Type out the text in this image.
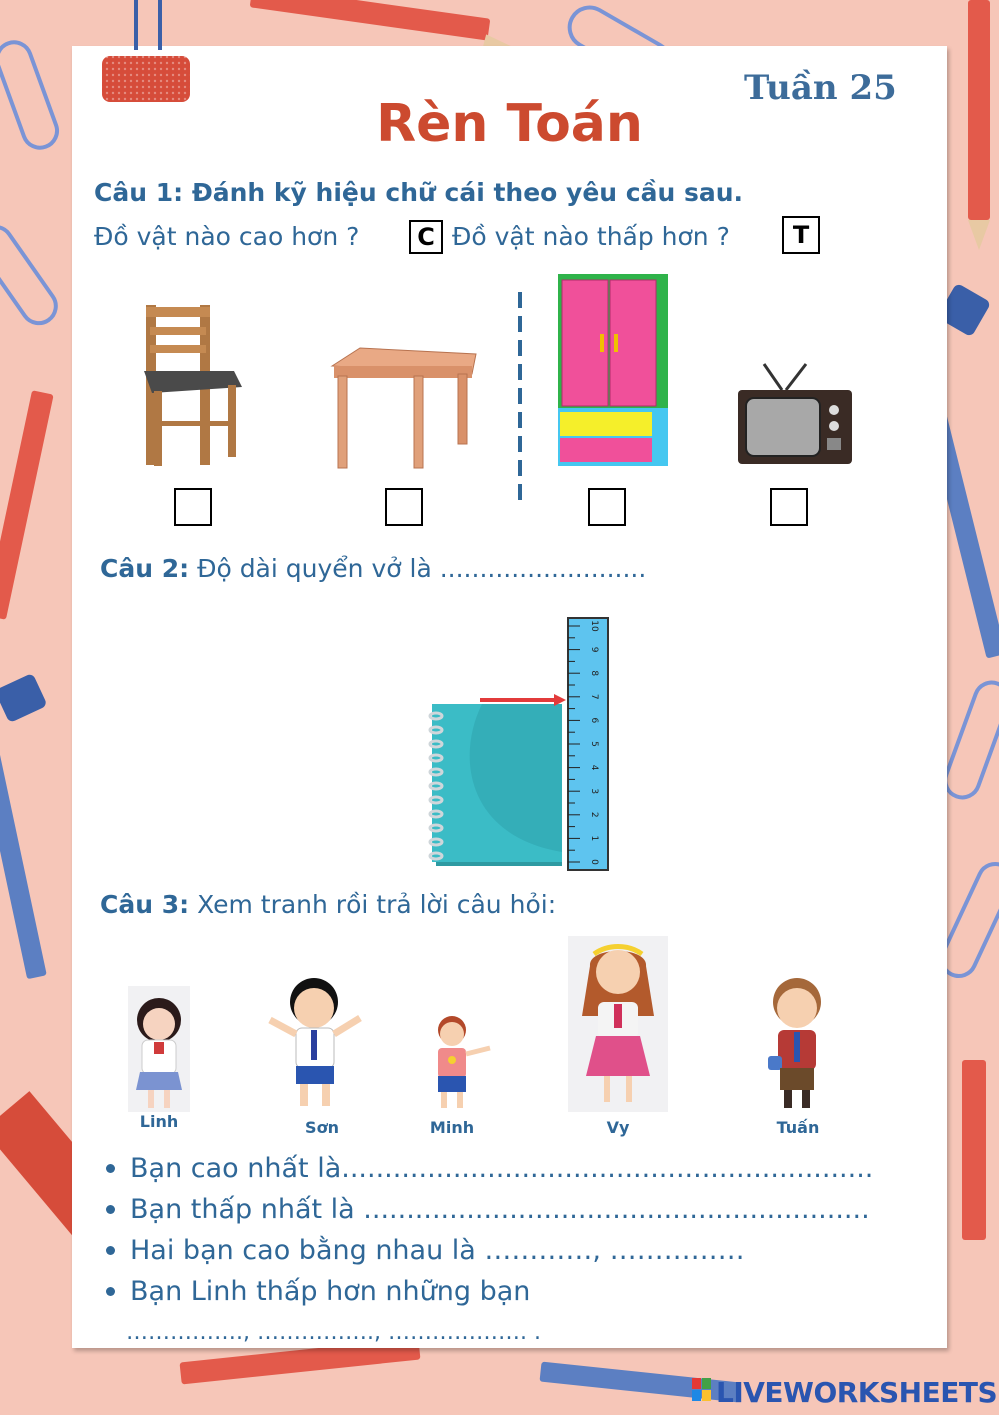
Tuần 25
Rèn Toán
Câu 1: Đánh kỹ hiệu chữ cái theo yêu cầu sau.
Đồ vật nào cao hơn ?	C Đồ vật nào thấp hơn ?	T
Câu 2: Độ dài quyển vở là ..........................
0
1
2
3
4
5
6
7
8
9
10
Câu 3: Xem tranh rồi trả lời câu hỏi:
Linh	Sơn	Minh	Vy	Tuấn
Bạn cao nhất là..............................................................
Bạn thấp nhất là ...........................................................
Hai bạn cao bằng nhau là …………, ……………
Bạn Linh thấp hơn những bạn
……………., ……………., ………………. .
LIVEWORKSHEETS
